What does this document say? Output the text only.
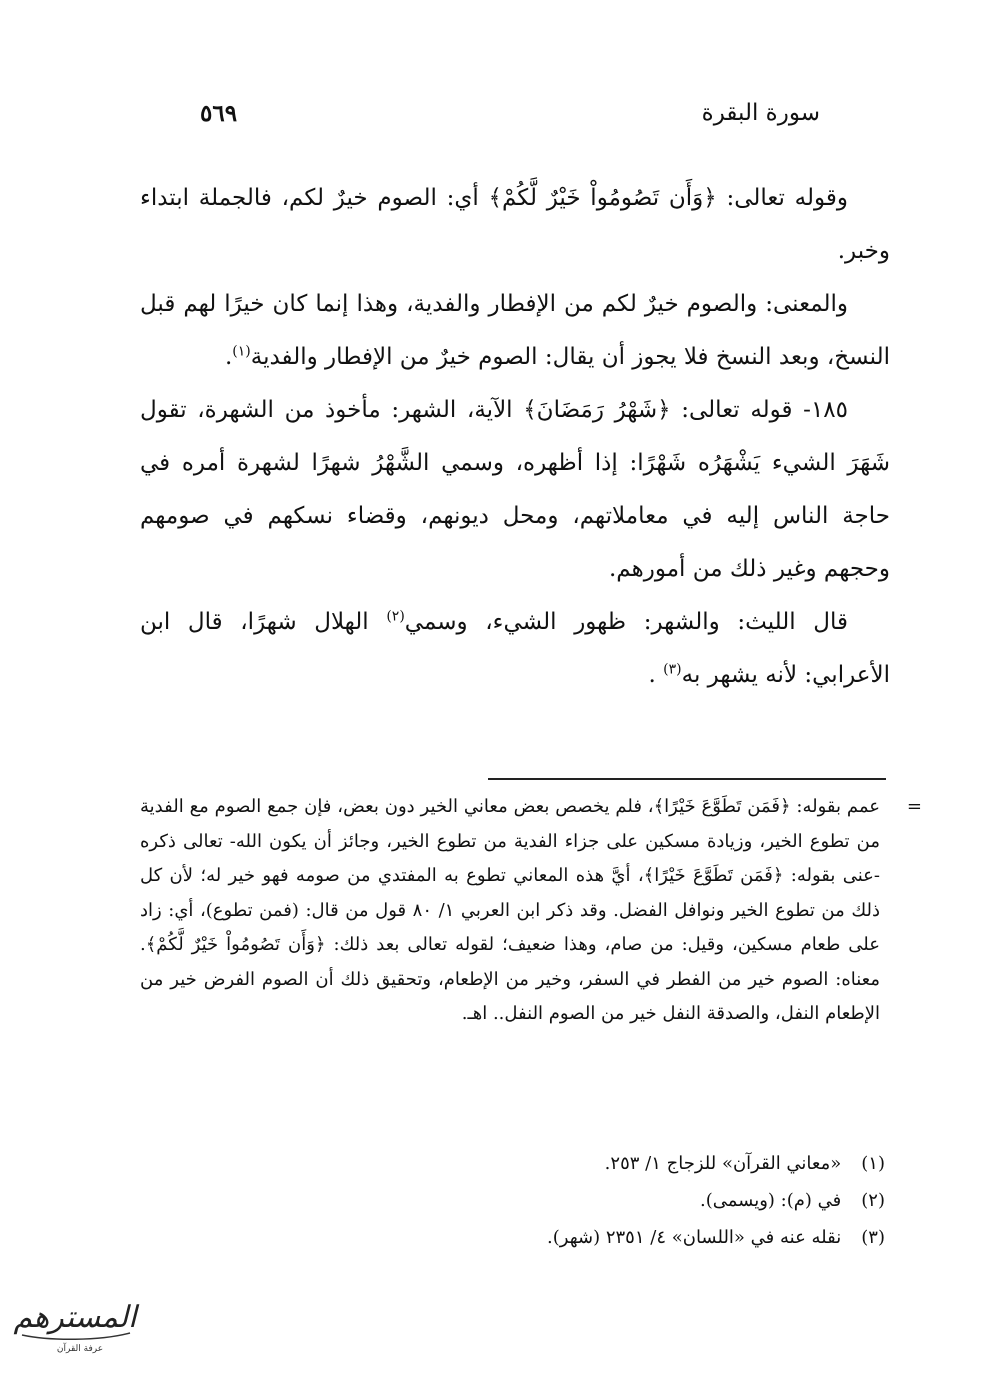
سورة البقرة
٥٦٩

وقوله تعالى: ﴿وَأَن تَصُومُواْ خَيْرٌ لَّكُمْ﴾ أي: الصوم خيرٌ لكم، فالجملة ابتداء وخبر.

والمعنى: والصوم خيرٌ لكم من الإفطار والفدية، وهذا إنما كان خيرًا لهم قبل النسخ، وبعد النسخ فلا يجوز أن يقال: الصوم خيرٌ من الإفطار والفدية$^{(١)}$.

١٨٥- قوله تعالى: ﴿شَهْرُ رَمَضَانَ﴾ الآية، الشهر: مأخوذ من الشهرة، تقول شَهَرَ الشيء يَشْهَرُه شَهْرًا: إذا أظهره، وسمي الشَّهْرُ شهرًا لشهرة أمره في حاجة الناس إليه في معاملاتهم، ومحل ديونهم، وقضاء نسكهم في صومهم وحجهم وغير ذلك من أمورهم.

قال الليث: والشهر: ظهور الشيء، وسمي$^{(٢)}$ الهلال شهرًا، قال ابن الأعرابي: لأنه يشهر به$^{(٣)}$ .

=
عمم بقوله: ﴿فَمَن تَطَوَّعَ خَيْرًا﴾، فلم يخصص بعض معاني الخير دون بعض، فإن جمع الصوم مع الفدية من تطوع الخير، وزيادة مسكين على جزاء الفدية من تطوع الخير، وجائز أن يكون الله- تعالى ذكره -عنى بقوله: ﴿فَمَن تَطَوَّعَ خَيْرًا﴾، أيَّ هذه المعاني تطوع به المفتدي من صومه فهو خير له؛ لأن كل ذلك من تطوع الخير ونوافل الفضل. وقد ذكر ابن العربي ١/ ٨٠ قول من قال: (فمن تطوع)، أي: زاد على طعام مسكين، وقيل: من صام، وهذا ضعيف؛ لقوله تعالى بعد ذلك: ﴿وَأَن تَصُومُواْ خَيْرٌ لَّكُمْ﴾. معناه: الصوم خير من الفطر في السفر، وخير من الإطعام، وتحقيق ذلك أن الصوم الفرض خير من الإطعام النفل، والصدقة النفل خير من الصوم النفل.. اهـ.
(١) «معاني القرآن» للزجاج ١/ ٢٥٣.
(٢) في (م): (ويسمى).
(٣) نقله عنه في «اللسان» ٤/ ٢٣٥١ (شهر).
المسترهم
عرفة القرآن
